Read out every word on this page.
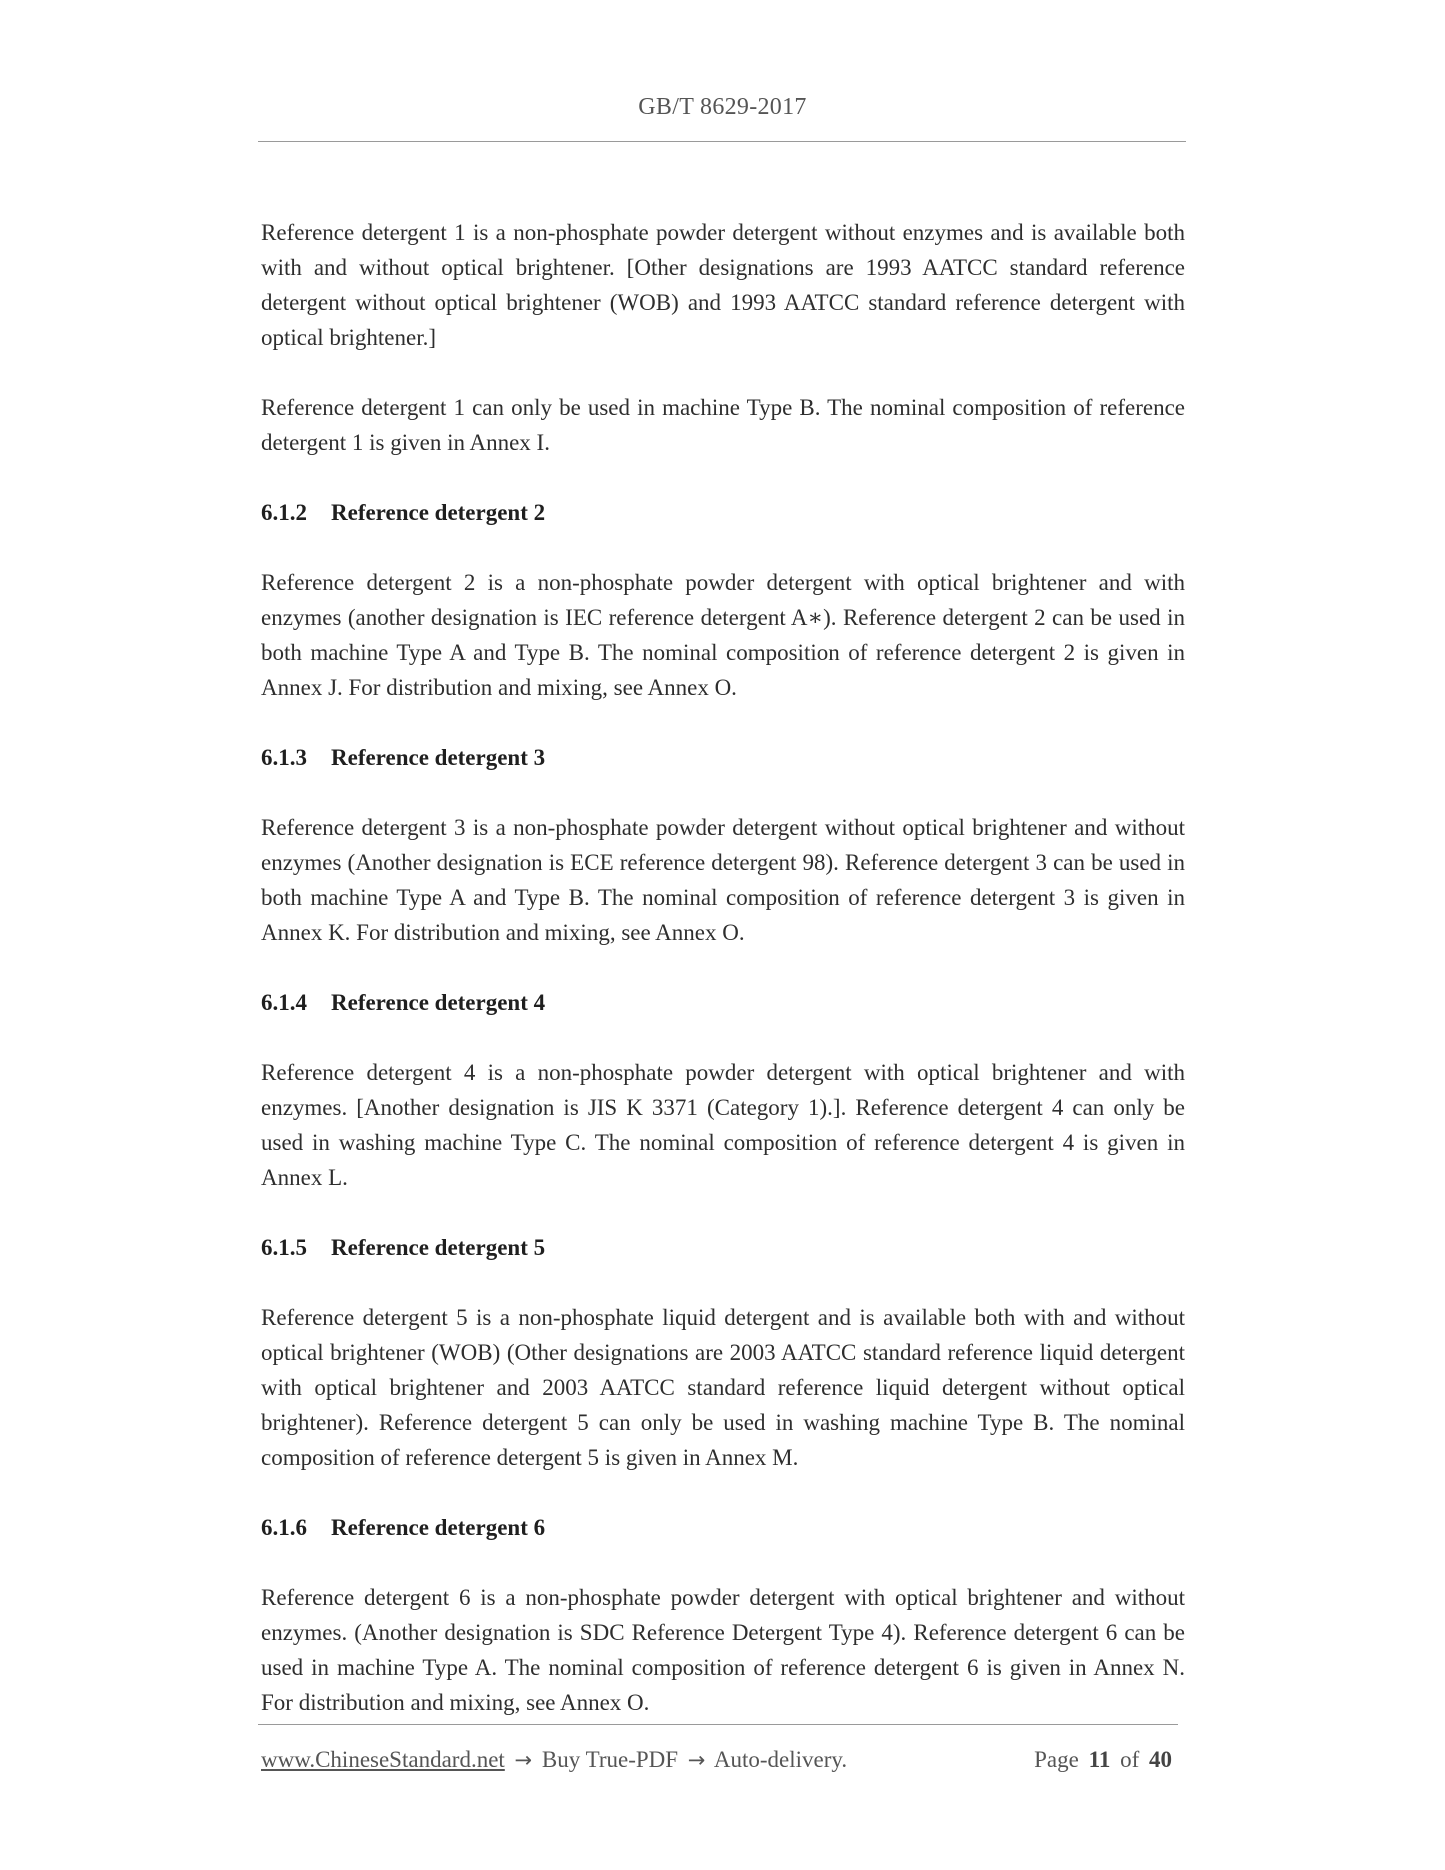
GB/T 8629-2017

Reference detergent 1 is a non-phosphate powder detergent without enzymes and is available both with and without optical brightener. [Other designations are 1993 AATCC standard reference detergent without optical brightener (WOB) and 1993 AATCC standard reference detergent with optical brightener.]

Reference detergent 1 can only be used in machine Type B. The nominal composition of reference detergent 1 is given in Annex I.

6.1.2 Reference detergent 2

Reference detergent 2 is a non-phosphate powder detergent with optical brightener and with enzymes (another designation is IEC reference detergent A∗). Reference detergent 2 can be used in both machine Type A and Type B. The nominal composition of reference detergent 2 is given in Annex J. For distribution and mixing, see Annex O.

6.1.3 Reference detergent 3

Reference detergent 3 is a non-phosphate powder detergent without optical brightener and without enzymes (Another designation is ECE reference detergent 98). Reference detergent 3 can be used in both machine Type A and Type B. The nominal composition of reference detergent 3 is given in Annex K. For distribution and mixing, see Annex O.

6.1.4 Reference detergent 4

Reference detergent 4 is a non-phosphate powder detergent with optical brightener and with enzymes. [Another designation is JIS K 3371 (Category 1).]. Reference detergent 4 can only be used in washing machine Type C. The nominal composition of reference detergent 4 is given in Annex L.

6.1.5 Reference detergent 5

Reference detergent 5 is a non-phosphate liquid detergent and is available both with and without optical brightener (WOB) (Other designations are 2003 AATCC standard reference liquid detergent with optical brightener and 2003 AATCC standard reference liquid detergent without optical brightener). Reference detergent 5 can only be used in washing machine Type B. The nominal composition of reference detergent 5 is given in Annex M.

6.1.6 Reference detergent 6

Reference detergent 6 is a non-phosphate powder detergent with optical brightener and without enzymes. (Another designation is SDC Reference Detergent Type 4). Reference detergent 6 can be used in machine Type A. The nominal composition of reference detergent 6 is given in Annex N. For distribution and mixing, see Annex O.

www.ChineseStandard.net → Buy True-PDF → Auto-delivery.	Page 11 of 40
